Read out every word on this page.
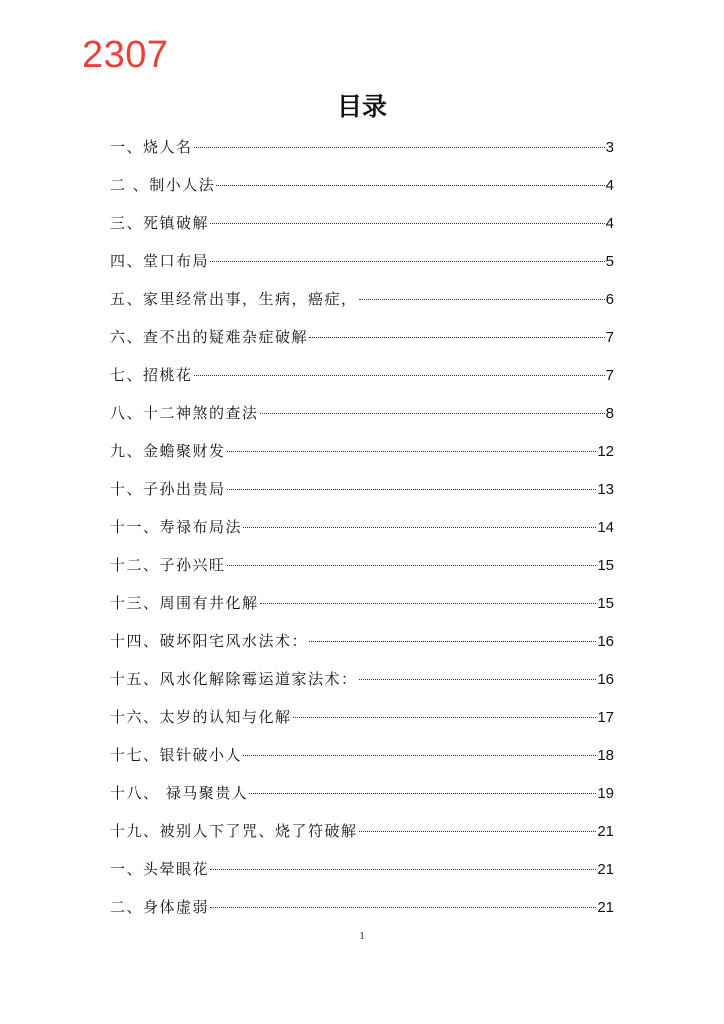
2307
目录
一、烧人名	3
二 、制小人法	4
三、死镇破解	4
四、堂口布局	5
五、家里经常出事，生病，癌症，	6
六、查不出的疑难杂症破解	7
七、招桃花	7
八、十二神煞的查法	8
九、金蟾聚财发	12
十、子孙出贵局	13
十一、寿禄布局法	14
十二、子孙兴旺	15
十三、周围有井化解	15
十四、破坏阳宅风水法术：	16
十五、风水化解除霉运道家法术：	16
十六、太岁的认知与化解	17
十七、银针破小人	18
十八、 禄马聚贵人	19
十九、被别人下了咒、烧了符破解	21
一、头晕眼花	21
二、身体虚弱	21
1
